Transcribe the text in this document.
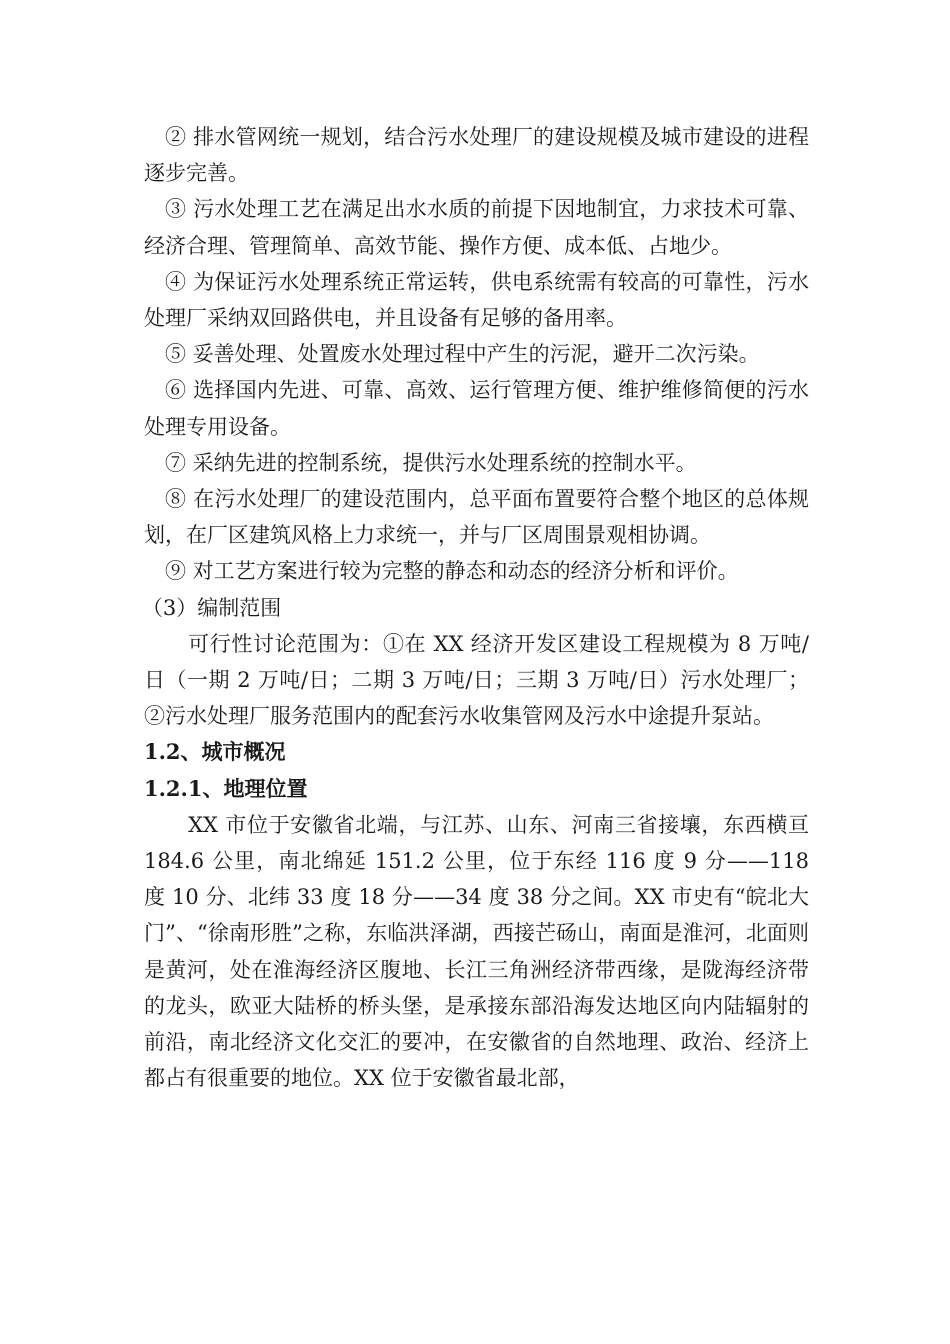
② 排水管网统一规划，结合污水处理厂的建设规模及城市建设的进程逐步完善。

③ 污水处理工艺在满足出水水质的前提下因地制宜，力求技术可靠、经济合理、管理简单、高效节能、操作方便、成本低、占地少。

④ 为保证污水处理系统正常运转，供电系统需有较高的可靠性，污水处理厂采纳双回路供电，并且设备有足够的备用率。

⑤ 妥善处理、处置废水处理过程中产生的污泥，避开二次污染。

⑥ 选择国内先进、可靠、高效、运行管理方便、维护维修简便的污水处理专用设备。

⑦ 采纳先进的控制系统，提供污水处理系统的控制水平。

⑧ 在污水处理厂的建设范围内，总平面布置要符合整个地区的总体规划，在厂区建筑风格上力求统一，并与厂区周围景观相协调。

⑨ 对工艺方案进行较为完整的静态和动态的经济分析和评价。

（3）编制范围

可行性讨论范围为：①在 XX 经济开发区建设工程规模为 8 万吨/日（一期 2 万吨/日；二期 3 万吨/日；三期 3 万吨/日）污水处理厂；②污水处理厂服务范围内的配套污水收集管网及污水中途提升泵站。

1.2、城市概况

1.2.1、地理位置

XX 市位于安徽省北端，与江苏、山东、河南三省接壤，东西横亘 184.6 公里，南北绵延 151.2 公里，位于东经 116 度 9 分——118 度 10 分、北纬 33 度 18 分——34 度 38 分之间。XX 市史有“皖北大门”、“徐南形胜”之称，东临洪泽湖，西接芒砀山，南面是淮河，北面则是黄河，处在淮海经济区腹地、长江三角洲经济带西缘，是陇海经济带的龙头，欧亚大陆桥的桥头堡，是承接东部沿海发达地区向内陆辐射的前沿，南北经济文化交汇的要冲，在安徽省的自然地理、政治、经济上都占有很重要的地位。XX 位于安徽省最北部，
